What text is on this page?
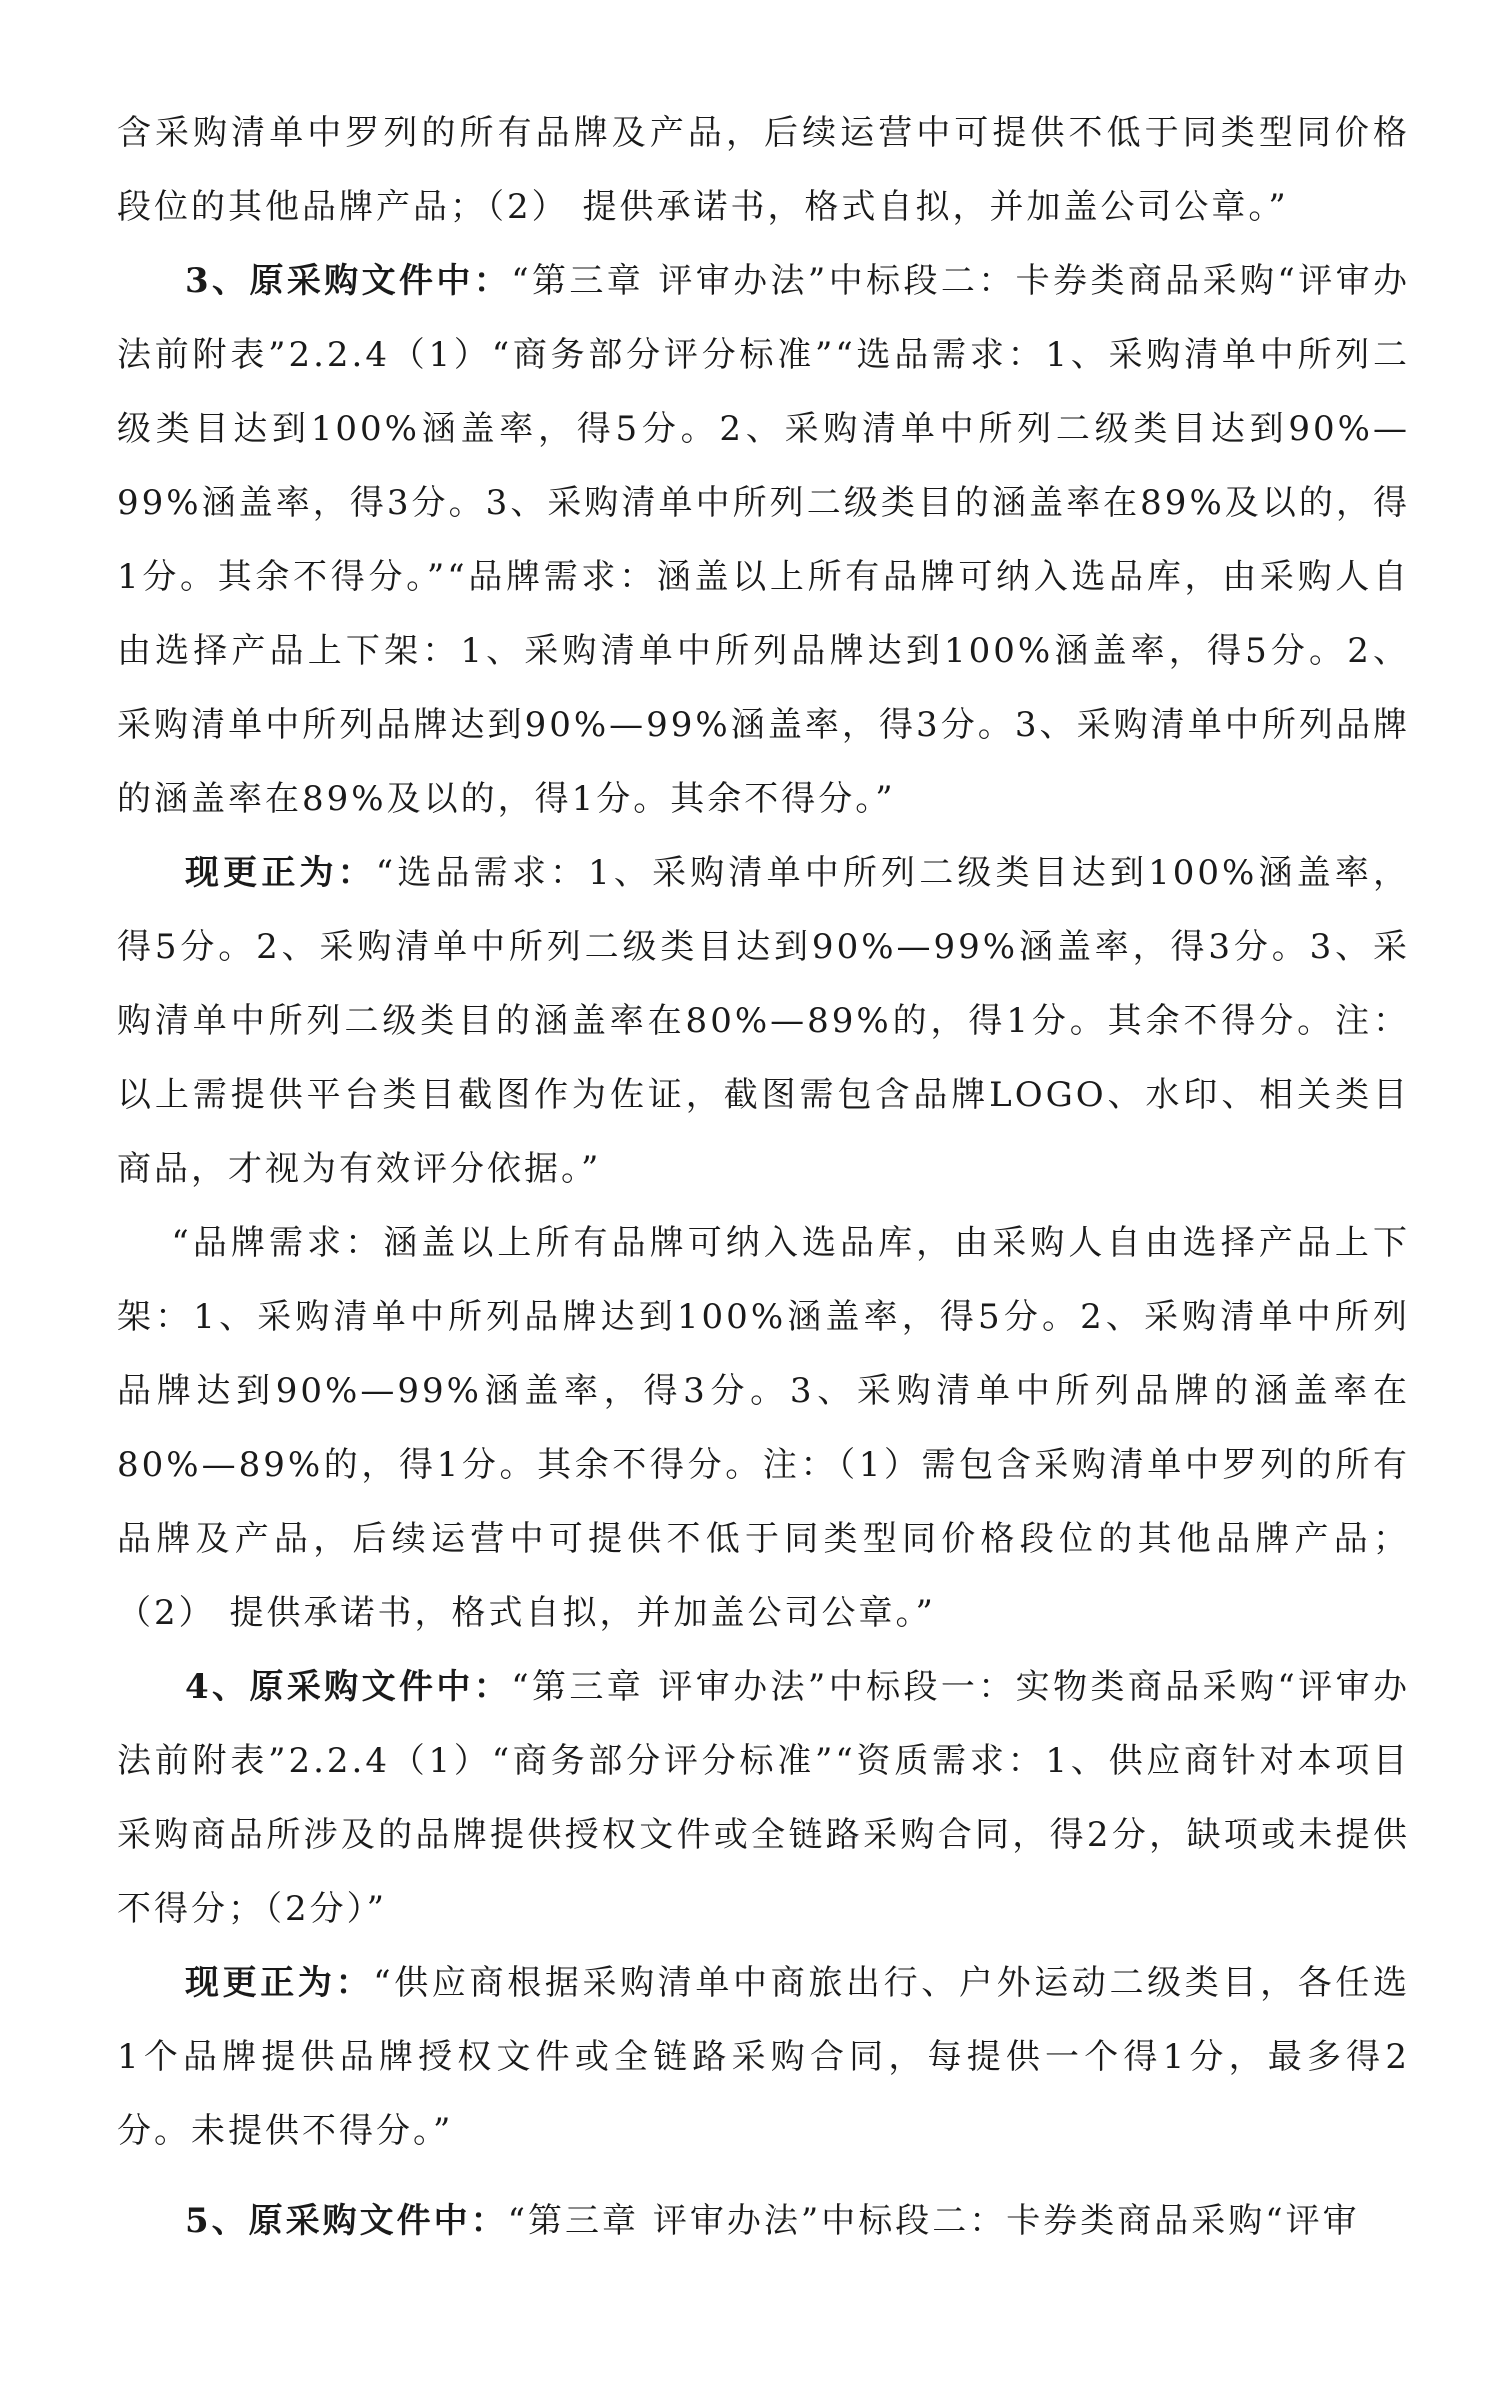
含采购清单中罗列的所有品牌及产品，后续运营中可提供不低于同类型同价格段位的其他品牌产品；（2） 提供承诺书，格式自拟，并加盖公司公章。”

3、原采购文件中：“第三章 评审办法”中标段二：卡券类商品采购“评审办法前附表”2.2.4（1）“商务部分评分标准”“选品需求：1、采购清单中所列二级类目达到100%涵盖率，得5分。2、采购清单中所列二级类目达到90%—99%涵盖率，得3分。3、采购清单中所列二级类目的涵盖率在89%及以的，得1分。其余不得分。”“品牌需求：涵盖以上所有品牌可纳入选品库，由采购人自由选择产品上下架：1、采购清单中所列品牌达到100%涵盖率，得5分。2、采购清单中所列品牌达到90%—99%涵盖率，得3分。3、采购清单中所列品牌的涵盖率在89%及以的，得1分。其余不得分。”

现更正为：“选品需求：1、采购清单中所列二级类目达到100%涵盖率，得5分。2、采购清单中所列二级类目达到90%—99%涵盖率，得3分。3、采购清单中所列二级类目的涵盖率在80%—89%的，得1分。其余不得分。注：以上需提供平台类目截图作为佐证，截图需包含品牌LOGO、水印、相关类目商品，才视为有效评分依据。”

“品牌需求：涵盖以上所有品牌可纳入选品库，由采购人自由选择产品上下架：1、采购清单中所列品牌达到100%涵盖率，得5分。2、采购清单中所列品牌达到90%—99%涵盖率，得3分。3、采购清单中所列品牌的涵盖率在80%—89%的，得1分。其余不得分。注：（1）需包含采购清单中罗列的所有品牌及产品，后续运营中可提供不低于同类型同价格段位的其他品牌产品；（2） 提供承诺书，格式自拟，并加盖公司公章。”

4、原采购文件中：“第三章 评审办法”中标段一：实物类商品采购“评审办法前附表”2.2.4（1）“商务部分评分标准”“资质需求：1、供应商针对本项目采购商品所涉及的品牌提供授权文件或全链路采购合同，得2分，缺项或未提供不得分；（2分）”

现更正为：“供应商根据采购清单中商旅出行、户外运动二级类目，各任选1个品牌提供品牌授权文件或全链路采购合同，每提供一个得1分，最多得2分。未提供不得分。”

5、原采购文件中：“第三章 评审办法”中标段二：卡券类商品采购“评审
